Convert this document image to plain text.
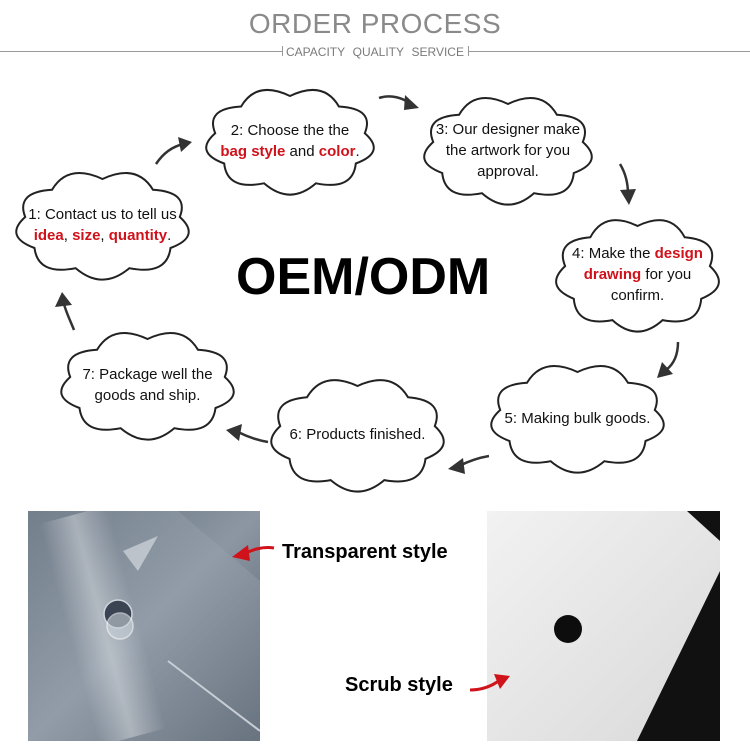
ORDER PROCESS
CAPACITY QUALITY SERVICE
1: Contact us to tell us idea, size, quantity.
2: Choose the the bag style and color.
3: Our designer make the artwork for you approval.
4: Make the design drawing for you confirm.
5: Making bulk goods.
6: Products finished.
7: Package well the goods and ship.
OEM/ODM
Transparent style
Scrub style
